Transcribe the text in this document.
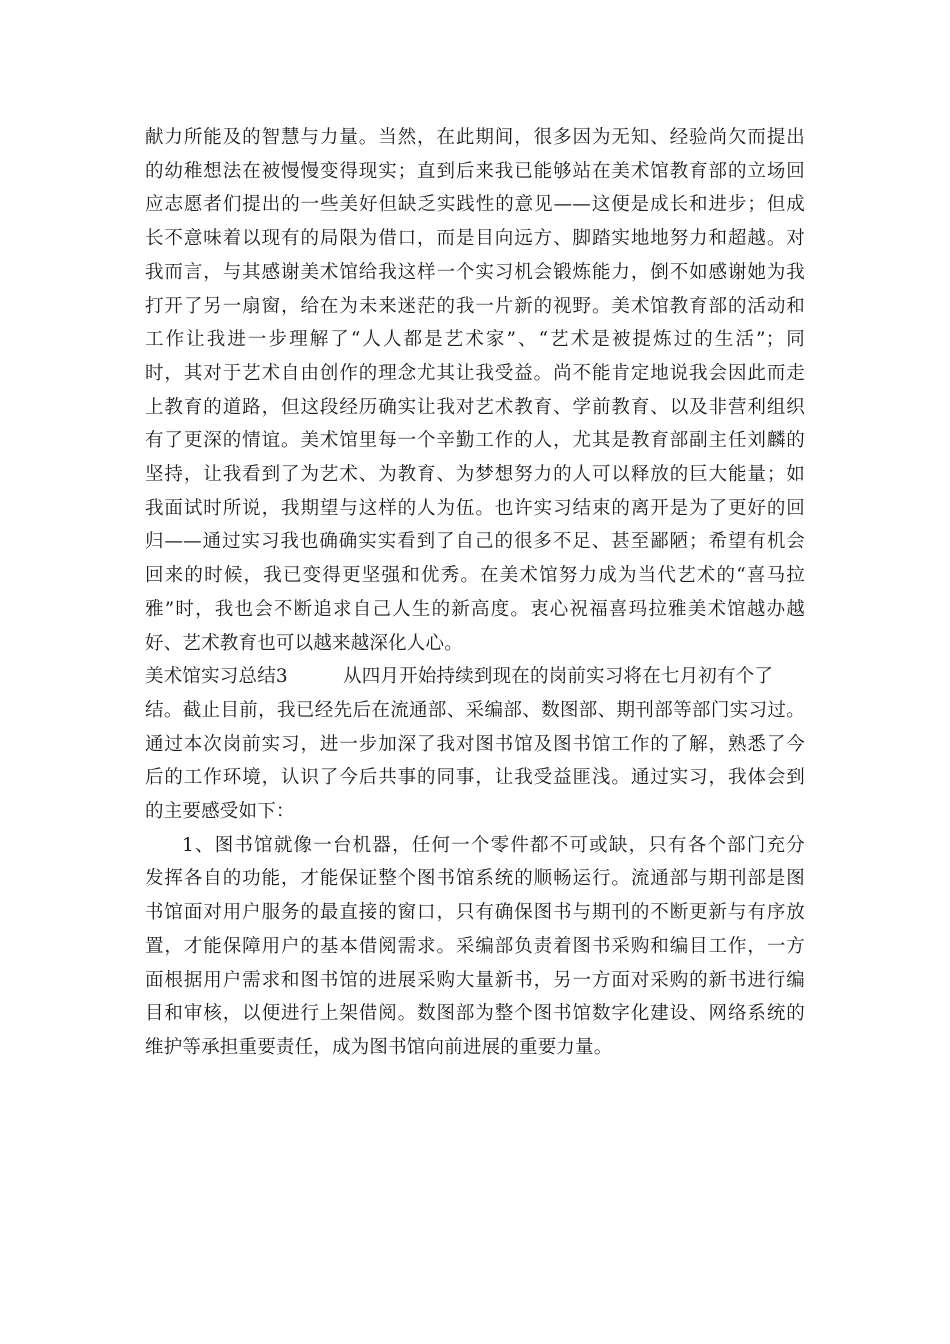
献力所能及的智慧与力量。当然，在此期间，很多因为无知、经验尚欠而提出
的幼稚想法在被慢慢变得现实；直到后来我已能够站在美术馆教育部的立场回
应志愿者们提出的一些美好但缺乏实践性的意见——这便是成长和进步；但成
长不意味着以现有的局限为借口，而是目向远方、脚踏实地地努力和超越。对
我而言，与其感谢美术馆给我这样一个实习机会锻炼能力，倒不如感谢她为我
打开了另一扇窗，给在为未来迷茫的我一片新的视野。美术馆教育部的活动和
工作让我进一步理解了“人人都是艺术家”、“艺术是被提炼过的生活”；同
时，其对于艺术自由创作的理念尤其让我受益。尚不能肯定地说我会因此而走
上教育的道路，但这段经历确实让我对艺术教育、学前教育、以及非营利组织
有了更深的情谊。美术馆里每一个辛勤工作的人，尤其是教育部副主任刘麟的
坚持，让我看到了为艺术、为教育、为梦想努力的人可以释放的巨大能量；如
我面试时所说，我期望与这样的人为伍。也许实习结束的离开是为了更好的回
归——通过实习我也确确实实看到了自己的很多不足、甚至鄙陋；希望有机会
回来的时候，我已变得更坚强和优秀。在美术馆努力成为当代艺术的“喜马拉
雅”时，我也会不断追求自己人生的新高度。衷心祝福喜玛拉雅美术馆越办越
好、艺术教育也可以越来越深化人心。
美术馆实习总结3	从四月开始持续到现在的岗前实习将在七月初有个了
结。截止目前，我已经先后在流通部、采编部、数图部、期刊部等部门实习过。
通过本次岗前实习，进一步加深了我对图书馆及图书馆工作的了解，熟悉了今
后的工作环境，认识了今后共事的同事，让我受益匪浅。通过实习，我体会到
的主要感受如下：
1、图书馆就像一台机器，任何一个零件都不可或缺，只有各个部门充分
发挥各自的功能，才能保证整个图书馆系统的顺畅运行。流通部与期刊部是图
书馆面对用户服务的最直接的窗口，只有确保图书与期刊的不断更新与有序放
置，才能保障用户的基本借阅需求。采编部负责着图书采购和编目工作，一方
面根据用户需求和图书馆的进展采购大量新书，另一方面对采购的新书进行编
目和审核，以便进行上架借阅。数图部为整个图书馆数字化建设、网络系统的
维护等承担重要责任，成为图书馆向前进展的重要力量。
